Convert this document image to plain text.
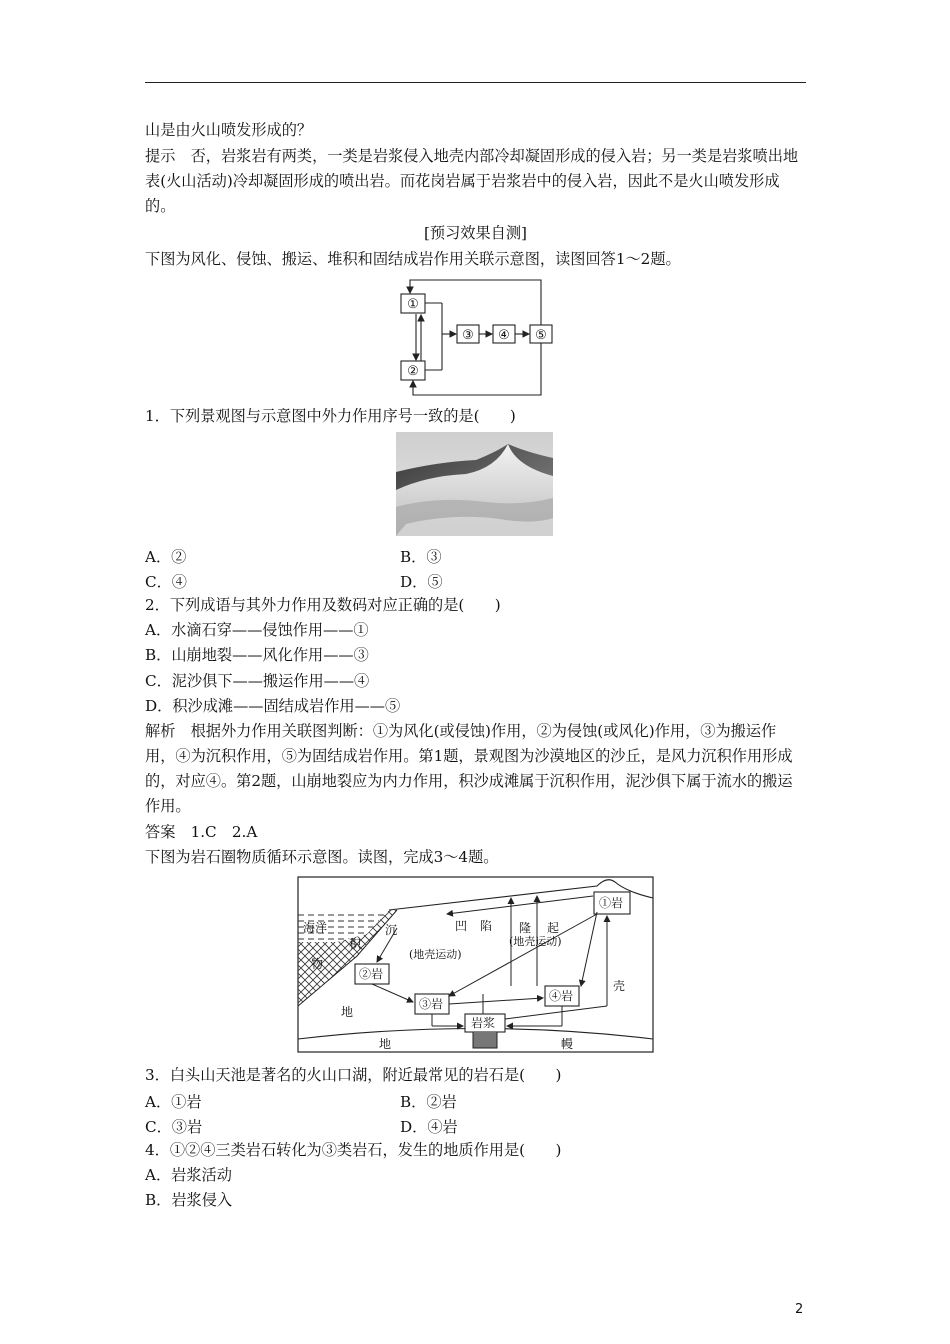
山是由火山喷发形成的？
提示　 否，岩浆岩有两类，一类是岩浆侵入地壳内部冷却凝固形成的侵入岩；另一类是岩浆喷出地表(火山活动)冷却凝固形成的喷出岩。而花岗岩属于岩浆岩中的侵入岩，因此不是火山喷发形成的。
[预习效果自测]
下图为风化、侵蚀、搬运、堆积和固结成岩作用关联示意图，读图回答1～2题。
①
②
③ ④ ⑤
1．下列景观图与示意图中外力作用序号一致的是(　　)
A．②	B．③
C．④	D．⑤
2．下列成语与其外力作用及数码对应正确的是(　　)
A．水滴石穿——侵蚀作用——①
B．山崩地裂——风化作用——③
C．泥沙俱下——搬运作用——④
D．积沙成滩——固结成岩作用——⑤
解析　 根据外力作用关联图判断：①为风化(或侵蚀)作用，②为侵蚀(或风化)作用，③为搬运作用，④为沉积作用，⑤为固结成岩作用。第1题，景观图为沙漠地区的沙丘，是风力沉积作用形成的，对应④。第2题，山崩地裂应为内力作用，积沙成滩属于沉积作用，泥沙俱下属于流水的搬运作用。
答案　 1.C　2.A
下图为岩石圈物质循环示意图。读图，完成3～4题。
海洋
积
物
沉	凹 陷 隆 起
(地壳运动)
(地壳运动)
①岩
②岩
③岩
④岩
岩浆
地
壳
地	幔
3．白头山天池是著名的火山口湖，附近最常见的岩石是(　　)
A．①岩	B．②岩
C．③岩	D．④岩
4．①②④三类岩石转化为③类岩石，发生的地质作用是(　　)
A．岩浆活动
B．岩浆侵入
2
